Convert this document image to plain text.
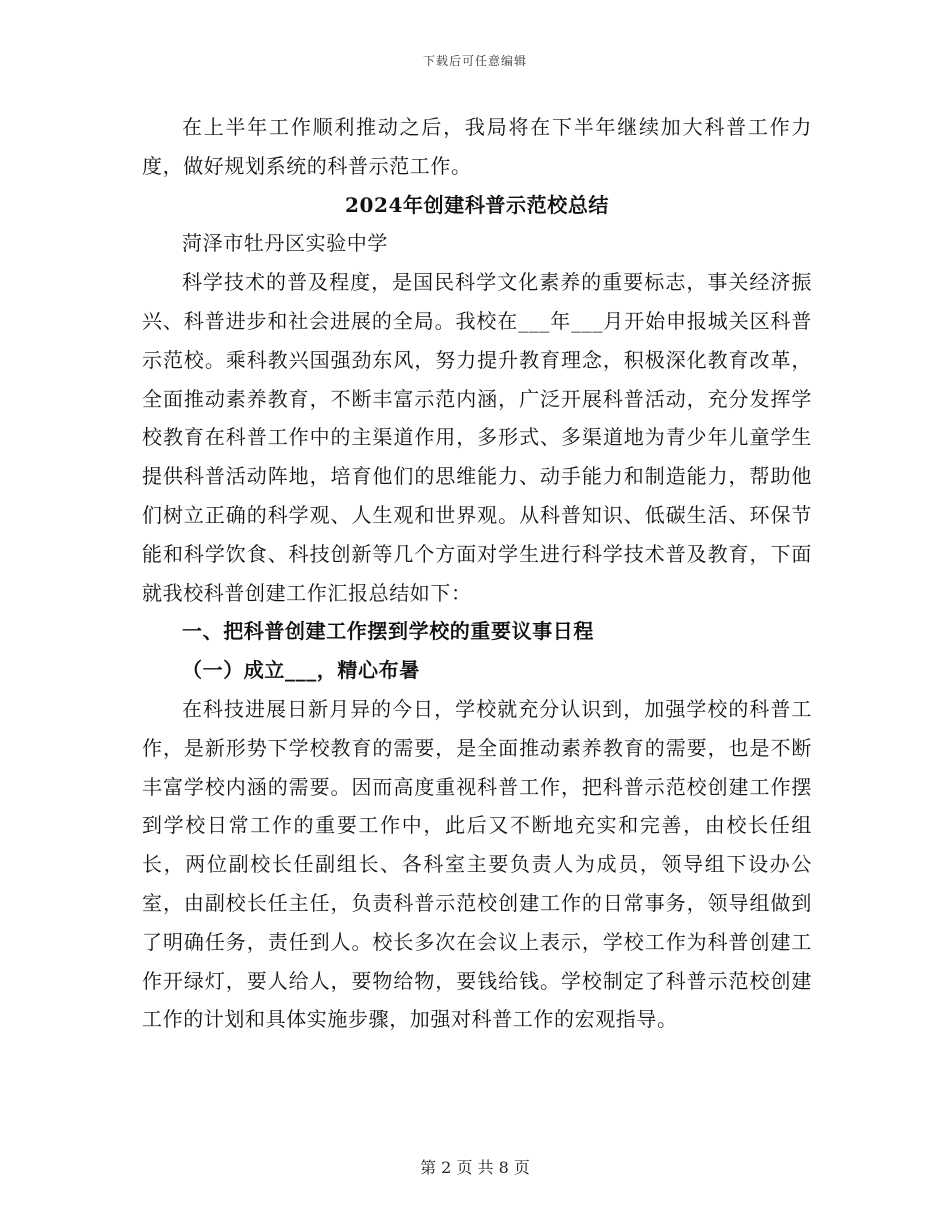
下载后可任意编辑

在上半年工作顺利推动之后，我局将在下半年继续加大科普工作力度，做好规划系统的科普示范工作。

2024年创建科普示范校总结

菏泽市牡丹区实验中学

科学技术的普及程度，是国民科学文化素养的重要标志，事关经济振兴、科普进步和社会进展的全局。我校在___年___月开始申报城关区科普示范校。乘科教兴国强劲东风，努力提升教育理念，积极深化教育改革，全面推动素养教育，不断丰富示范内涵，广泛开展科普活动，充分发挥学校教育在科普工作中的主渠道作用，多形式、多渠道地为青少年儿童学生提供科普活动阵地，培育他们的思维能力、动手能力和制造能力，帮助他们树立正确的科学观、人生观和世界观。从科普知识、低碳生活、环保节能和科学饮食、科技创新等几个方面对学生进行科学技术普及教育，下面就我校科普创建工作汇报总结如下：

一、把科普创建工作摆到学校的重要议事日程

（一）成立___，精心布暑

在科技进展日新月异的今日，学校就充分认识到，加强学校的科普工作，是新形势下学校教育的需要，是全面推动素养教育的需要，也是不断丰富学校内涵的需要。因而高度重视科普工作，把科普示范校创建工作摆到学校日常工作的重要工作中，此后又不断地充实和完善，由校长任组长，两位副校长任副组长、各科室主要负责人为成员，领导组下设办公室，由副校长任主任，负责科普示范校创建工作的日常事务，领导组做到了明确任务，责任到人。校长多次在会议上表示，学校工作为科普创建工作开绿灯，要人给人，要物给物，要钱给钱。学校制定了科普示范校创建工作的计划和具体实施步骤，加强对科普工作的宏观指导。

第 2 页 共 8 页
